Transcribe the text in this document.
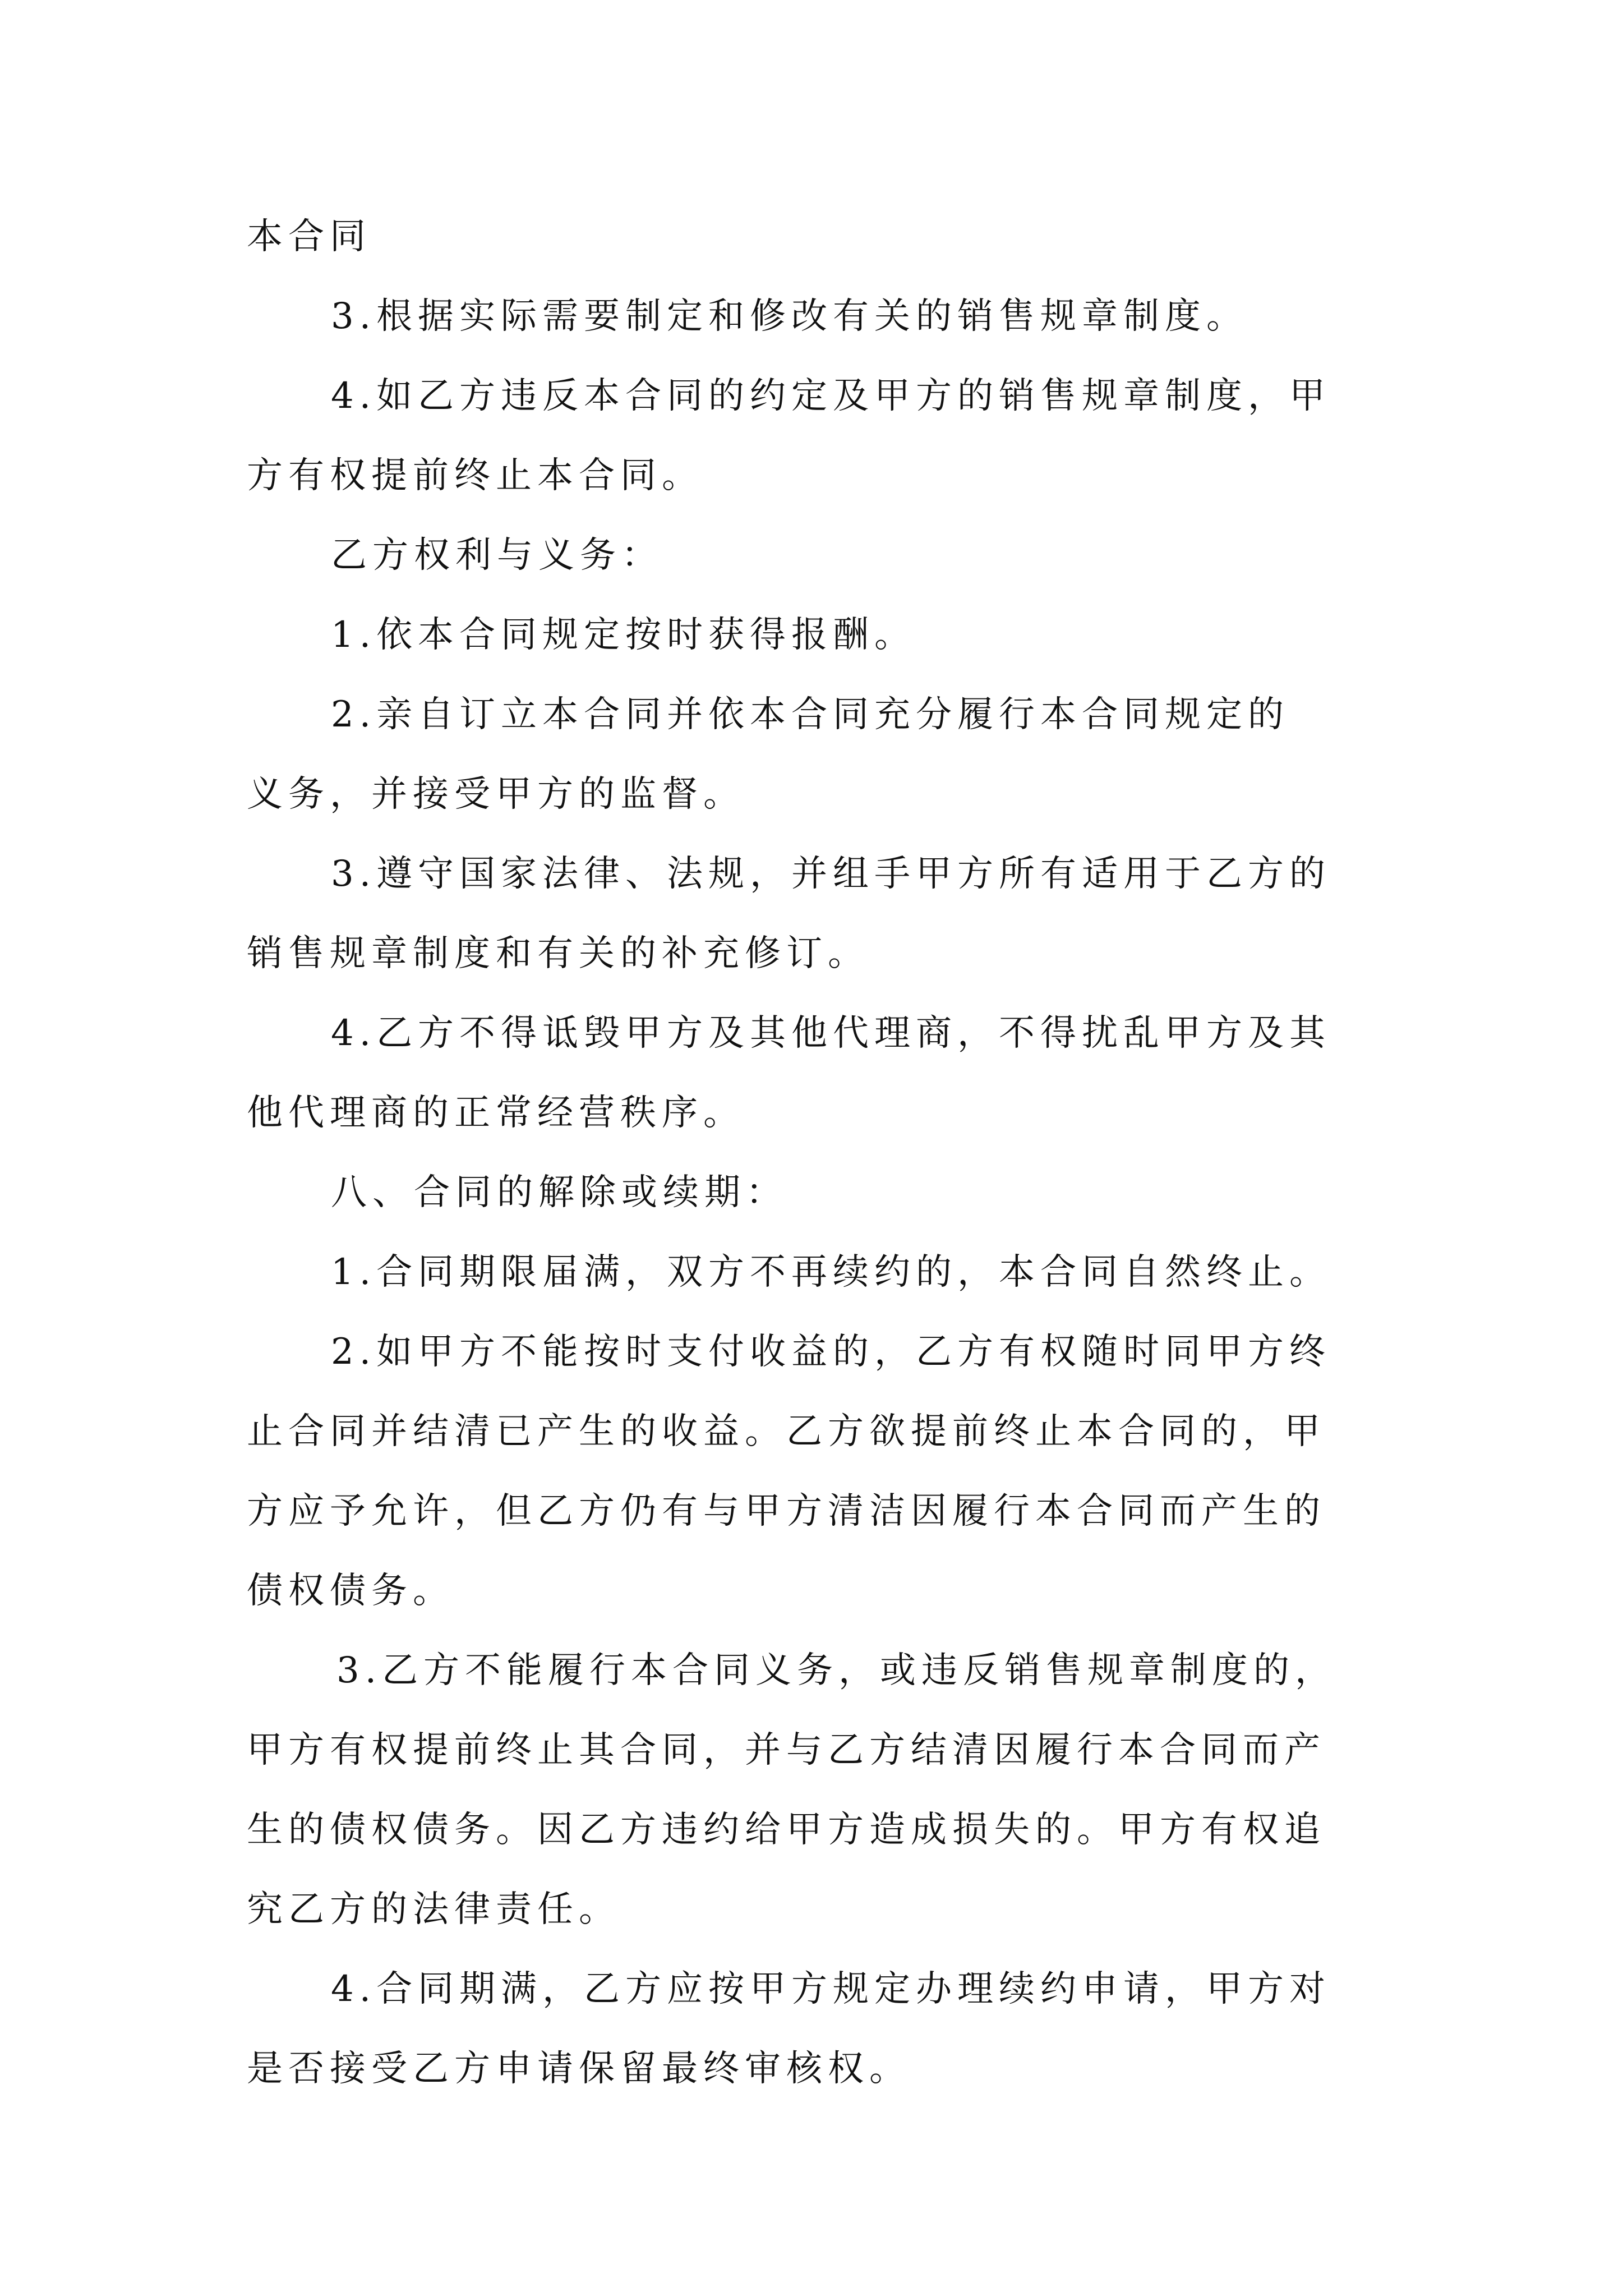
本合同
3.根据实际需要制定和修改有关的销售规章制度。
4.如乙方违反本合同的约定及甲方的销售规章制度，甲
方有权提前终止本合同。
乙方权利与义务：
1.依本合同规定按时获得报酬。
2.亲自订立本合同并依本合同充分履行本合同规定的
义务，并接受甲方的监督。
3.遵守国家法律、法规，并组手甲方所有适用于乙方的
销售规章制度和有关的补充修订。
4.乙方不得诋毁甲方及其他代理商，不得扰乱甲方及其
他代理商的正常经营秩序。
八、合同的解除或续期：
1.合同期限届满，双方不再续约的，本合同自然终止。
2.如甲方不能按时支付收益的，乙方有权随时同甲方终
止合同并结清已产生的收益。乙方欲提前终止本合同的，甲
方应予允许，但乙方仍有与甲方清洁因履行本合同而产生的
债权债务。
3.乙方不能履行本合同义务，或违反销售规章制度的，
甲方有权提前终止其合同，并与乙方结清因履行本合同而产
生的债权债务。因乙方违约给甲方造成损失的。甲方有权追
究乙方的法律责任。
4.合同期满，乙方应按甲方规定办理续约申请，甲方对
是否接受乙方申请保留最终审核权。
